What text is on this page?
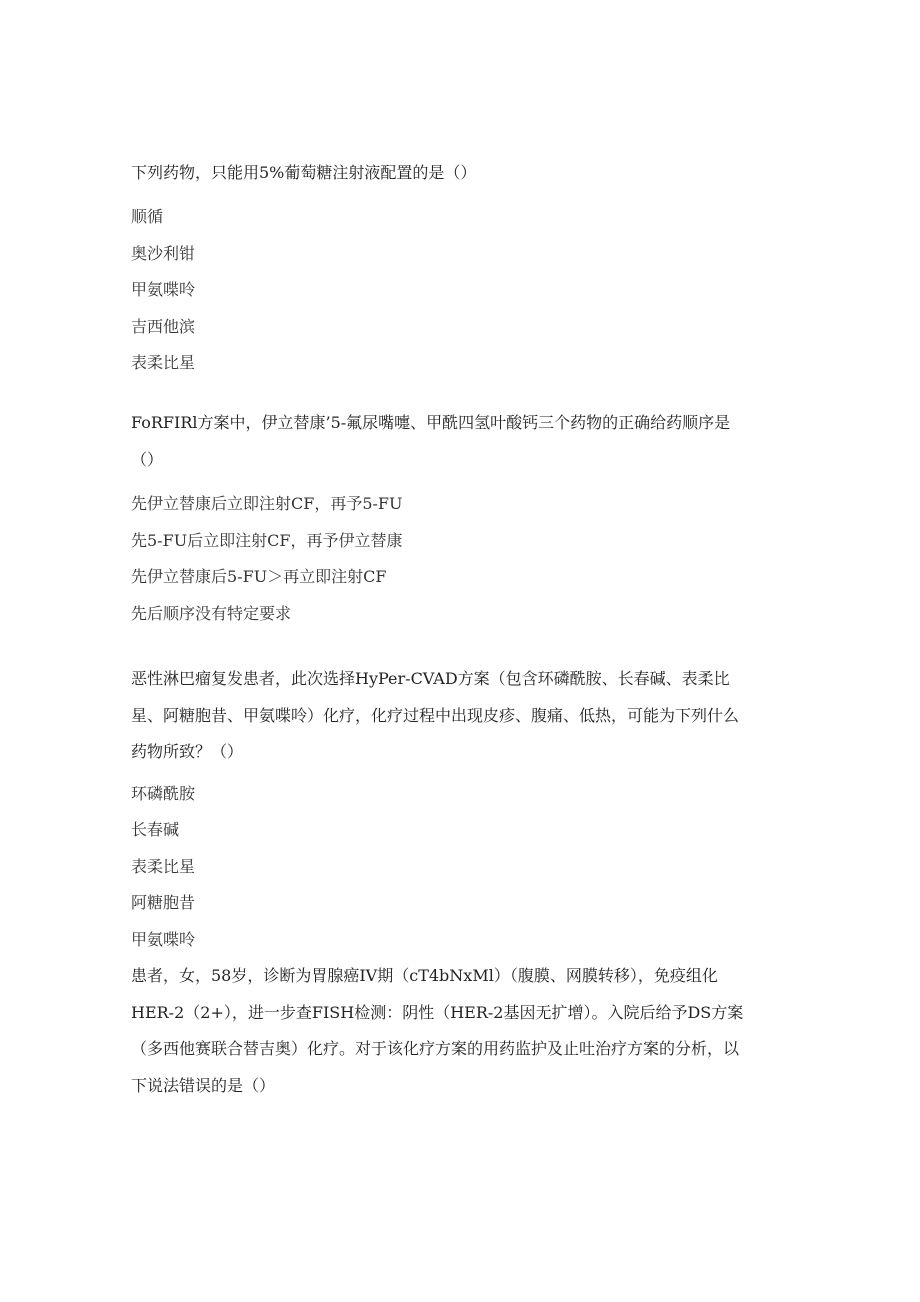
下列药物，只能用5%葡萄糖注射液配置的是（）
顺循
奥沙利钳
甲氨喋呤
吉西他滨
表柔比星
FoRFIRl方案中，伊立替康’5-氟尿嘴嚏、甲酰四氢叶酸钙三个药物的正确给药顺序是
（）
先伊立替康后立即注射CF，再予5-FU
先5-FU后立即注射CF，再予伊立替康
先伊立替康后5-FU＞再立即注射CF
先后顺序没有特定要求
恶性淋巴瘤复发患者，此次选择HyPer-CVAD方案（包含环磷酰胺、长春碱、表柔比
星、阿糖胞昔、甲氨喋呤）化疗，化疗过程中出现皮疹、腹痛、低热，可能为下列什么
药物所致？（）
环磷酰胺
长春碱
表柔比星
阿糖胞昔
甲氨喋呤
患者，女，58岁，诊断为胃腺癌IV期（cT4bNxMl）（腹膜、网膜转移），免疫组化
HER-2（2+），进一步查FISH检测：阴性（HER-2基因无扩增）。入院后给予DS方案
（多西他赛联合替吉奥）化疗。对于该化疗方案的用药监护及止吐治疗方案的分析，以
下说法错误的是（）
